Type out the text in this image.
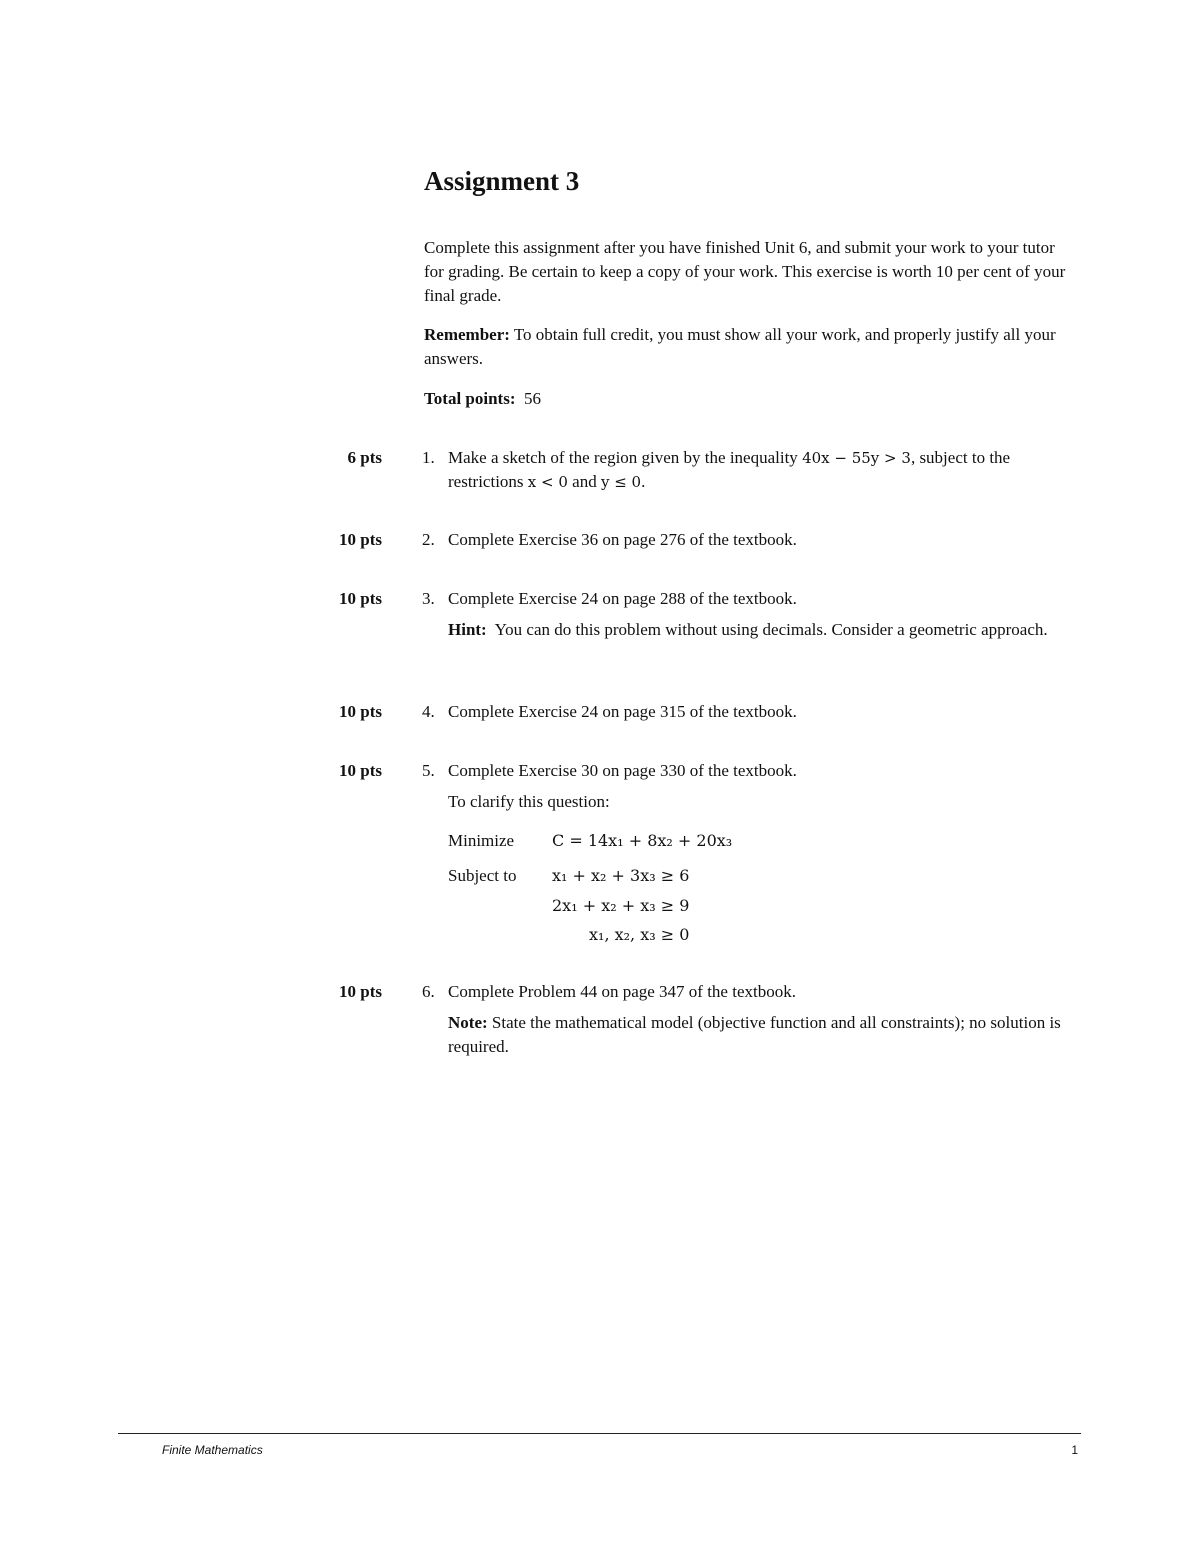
Assignment 3

Complete this assignment after you have finished Unit 6, and submit your work to your tutor for grading. Be certain to keep a copy of your work. This exercise is worth 10 per cent of your final grade.

Remember: To obtain full credit, you must show all your work, and properly justify all your answers.

Total points: 56

6 pts 1. Make a sketch of the region given by the inequality 40x − 55y > 3, subject to the restrictions x < 0 and y ≤ 0.

10 pts 2. Complete Exercise 36 on page 276 of the textbook.

10 pts 3. Complete Exercise 24 on page 288 of the textbook.

Hint: You can do this problem without using decimals. Consider a geometric approach.

10 pts 4. Complete Exercise 24 on page 315 of the textbook.

10 pts 5. Complete Exercise 30 on page 330 of the textbook.

To clarify this question:

Minimize C = 14x₁ + 8x₂ + 20x₃
Subject to x₁ + x₂ + 3x₃ ≥ 6
2x₁ + x₂ + x₃ ≥ 9
x₁, x₂, x₃ ≥ 0
10 pts 6. Complete Problem 44 on page 347 of the textbook.

Note: State the mathematical model (objective function and all constraints); no solution is required.

Finite Mathematics	1
